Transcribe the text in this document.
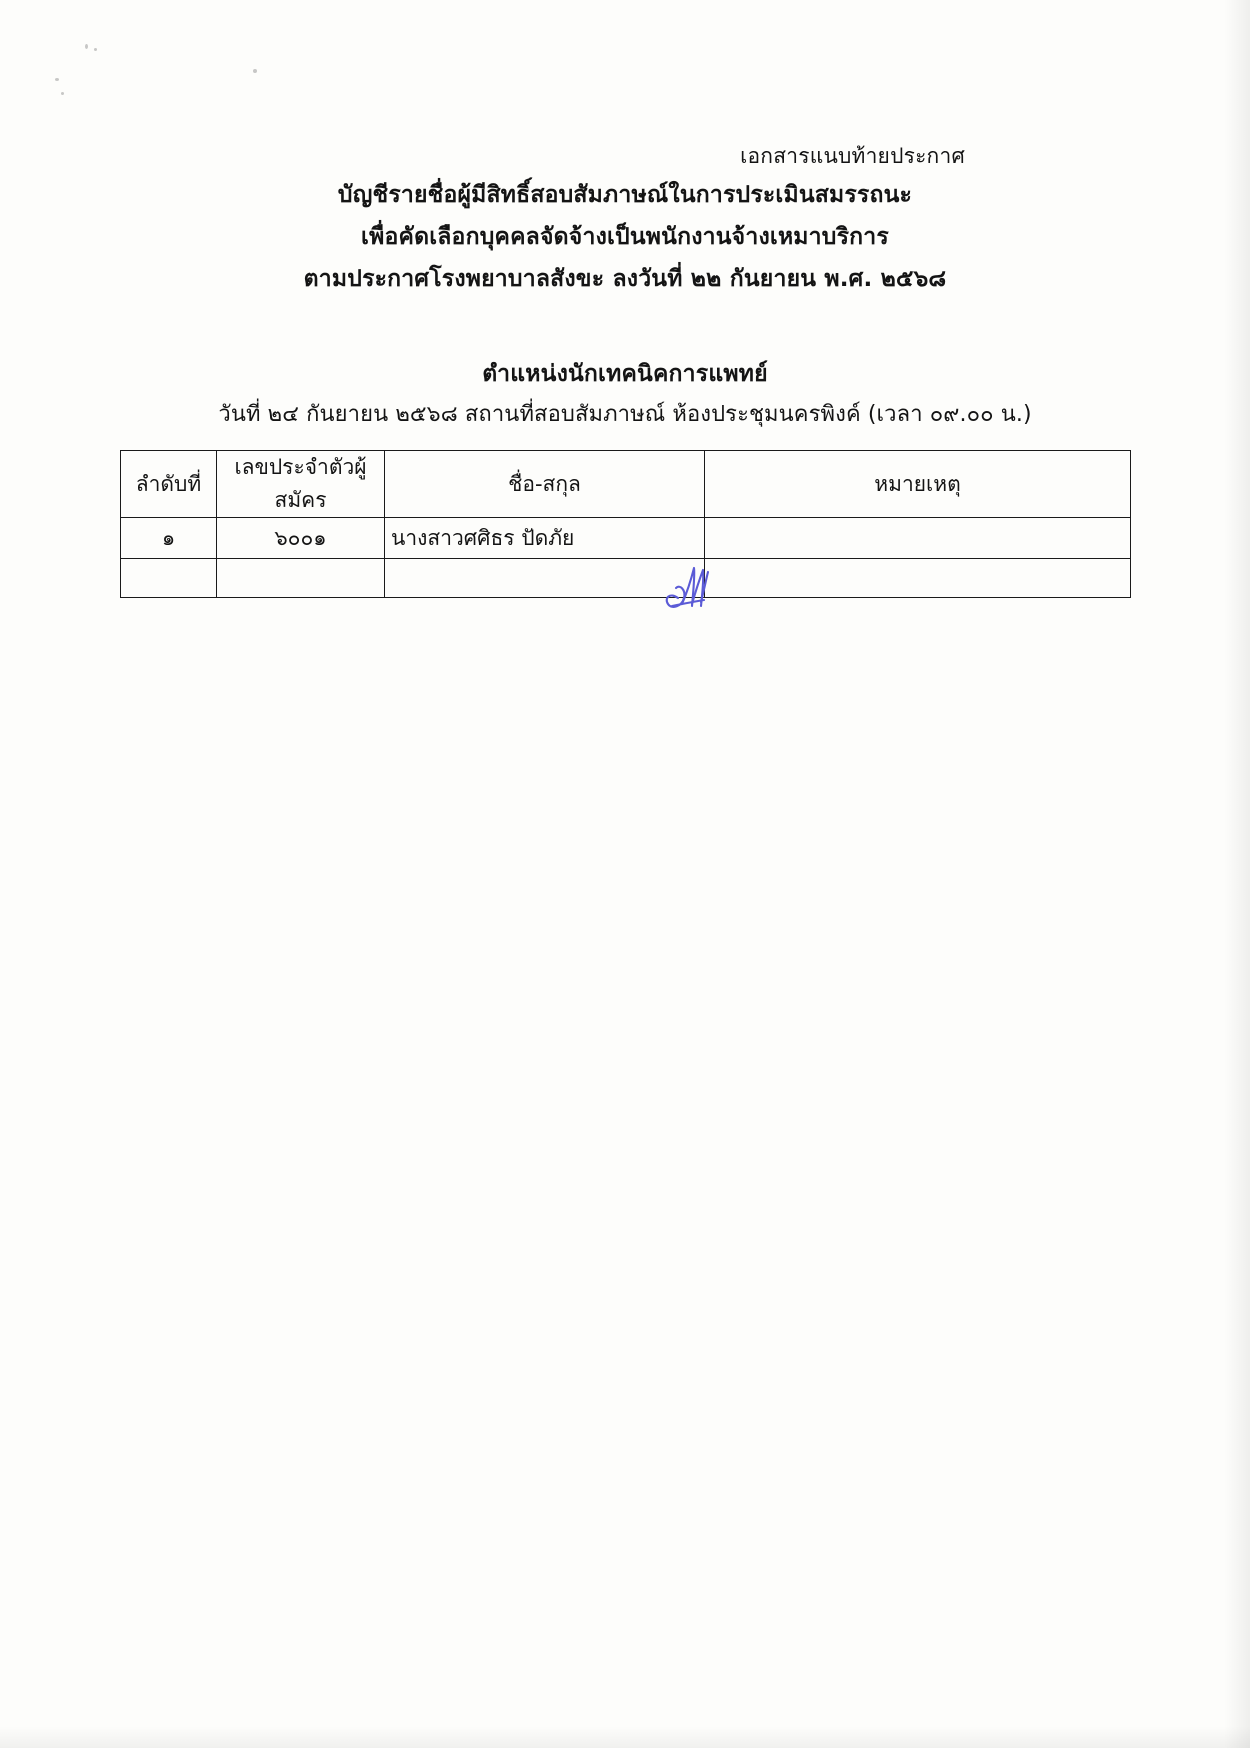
เอกสารแนบท้ายประกาศ
บัญชีรายชื่อผู้มีสิทธิ์สอบสัมภาษณ์ในการประเมินสมรรถนะ
เพื่อคัดเลือกบุคคลจัดจ้างเป็นพนักงานจ้างเหมาบริการ
ตามประกาศโรงพยาบาลสังขะ ลงวันที่ ๒๒ กันยายน พ.ศ. ๒๕๖๘
ตำแหน่งนักเทคนิคการแพทย์
วันที่ ๒๔ กันยายน ๒๕๖๘ สถานที่สอบสัมภาษณ์ ห้องประชุมนครพิงค์ (เวลา ๐๙.๐๐ น.)
ลำดับที่	เลขประจำตัวผู้สมัคร	ชื่อ-สกุล	หมายเหตุ
๑	๖๐๐๑	นางสาวศศิธร ปัดภัย	
